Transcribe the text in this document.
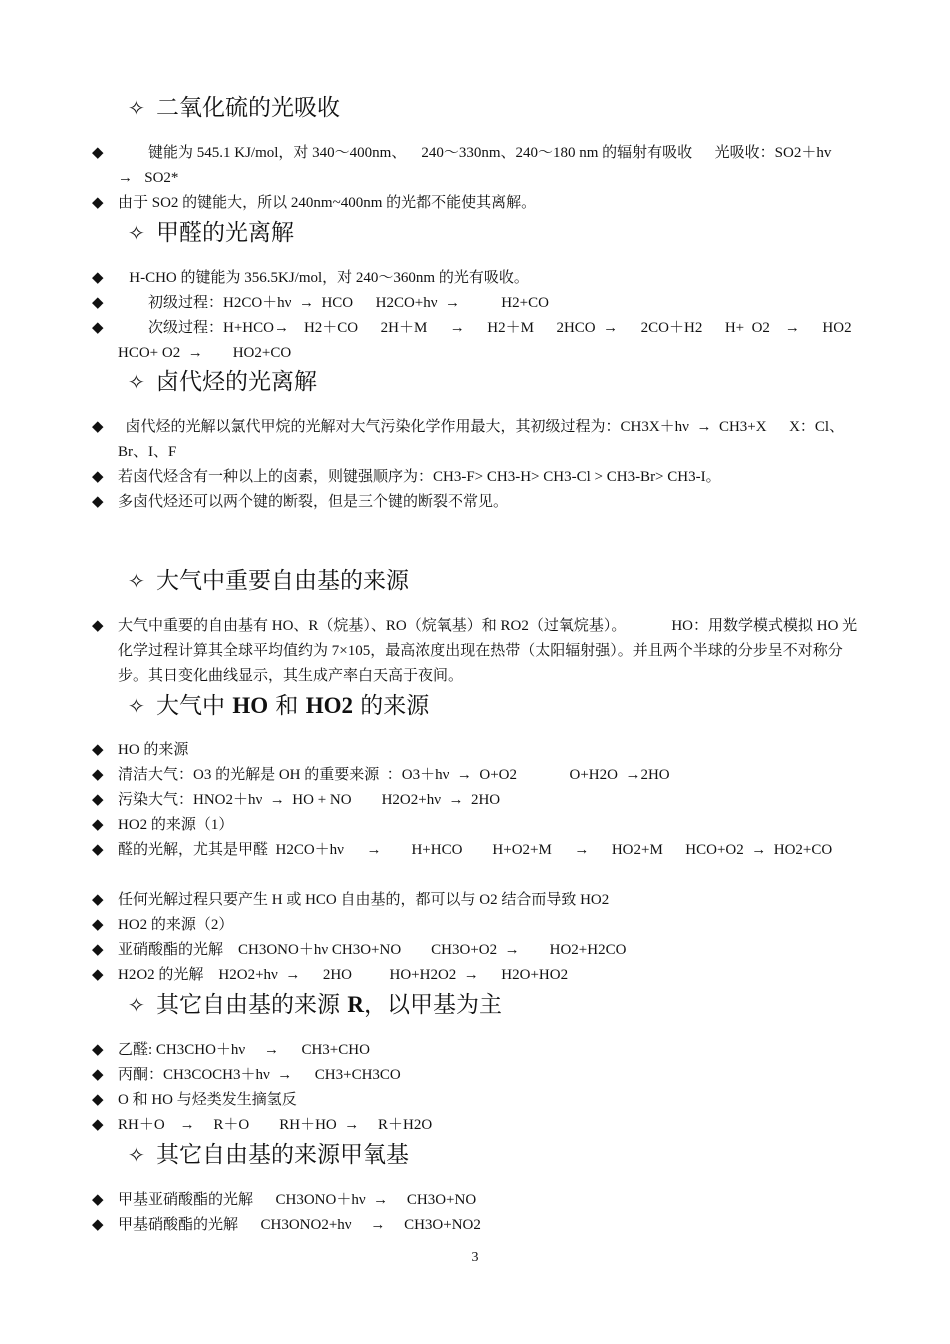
✧ 二氧化硫的光吸收
◆ 键能为 545.1 KJ/mol，对 340～400nm、    240～330nm、240～180 nm 的辐射有吸收      光吸收：SO2＋hv    →   SO2*
◆ 由于 SO2 的键能大，所以 240nm~400nm 的光都不能使其离解。
✧ 甲醛的光离解
◆ H-CHO 的键能为 356.5KJ/mol，对 240～360nm 的光有吸收。
◆ 初级过程：H2CO＋hν  →  HCO      H2CO+hν  →           H2+CO
◆ 次级过程：H+HCO→    H2＋CO      2H＋M      →      H2＋M      2HCO  →      2CO＋H2      H+  O2    →      HO2          HCO+ O2  →        HO2+CO
✧ 卤代烃的光离解
◆ 卤代烃的光解以氯代甲烷的光解对大气污染化学作用最大，其初级过程为：CH3X＋hν  →  CH3+X      X：Cl、Br、I、F
◆ 若卤代烃含有一种以上的卤素，则键强顺序为：CH3-F> CH3-H> CH3-Cl > CH3-Br> CH3-I。
◆ 多卤代烃还可以两个键的断裂，但是三个键的断裂不常见。
✧ 大气中重要自由基的来源
◆ 大气中重要的自由基有 HO、R（烷基）、RO（烷氧基）和 RO2（过氧烷基）。            HO：用数学模式模拟 HO 光化学过程计算其全球平均值约为 7×105，最高浓度出现在热带（太阳辐射强）。并且两个半球的分步呈不对称分步。其日变化曲线显示，其生成产率白天高于夜间。
✧ 大气中 HO 和 HO2 的来源
◆ HO 的来源
◆ 清洁大气：O3 的光解是 OH 的重要来源  ：O3＋hν  →  O+O2              O+H2O  →2HO
◆ 污染大气：HNO2＋hν  →  HO + NO        H2O2+hν  →  2HO
◆ HO2 的来源（1）
◆ 醛的光解，尤其是甲醛  H2CO＋hν      →        H+HCO        H+O2+M      →      HO2+M      HCO+O2  →  HO2+CO
◆ 任何光解过程只要产生 H 或 HCO 自由基的，都可以与 O2 结合而导致 HO2
◆ HO2 的来源（2）
◆ 亚硝酸酯的光解    CH3ONO＋hν CH3O+NO        CH3O+O2  →        HO2+H2CO
◆ H2O2 的光解    H2O2+hν  →      2HO          HO+H2O2  →      H2O+HO2
✧ 其它自由基的来源 R，以甲基为主
◆ 乙醛: CH3CHO＋hν     →      CH3+CHO
◆ 丙酮：CH3COCH3＋hν  →      CH3+CH3CO
◆ O 和 HO 与烃类发生摘氢反
◆ RH＋O    →     R＋O        RH＋HO  →     R＋H2O
✧ 其它自由基的来源甲氧基
◆ 甲基亚硝酸酯的光解      CH3ONO＋hν  →     CH3O+NO
◆ 甲基硝酸酯的光解      CH3ONO2+hν     →     CH3O+NO2
3
